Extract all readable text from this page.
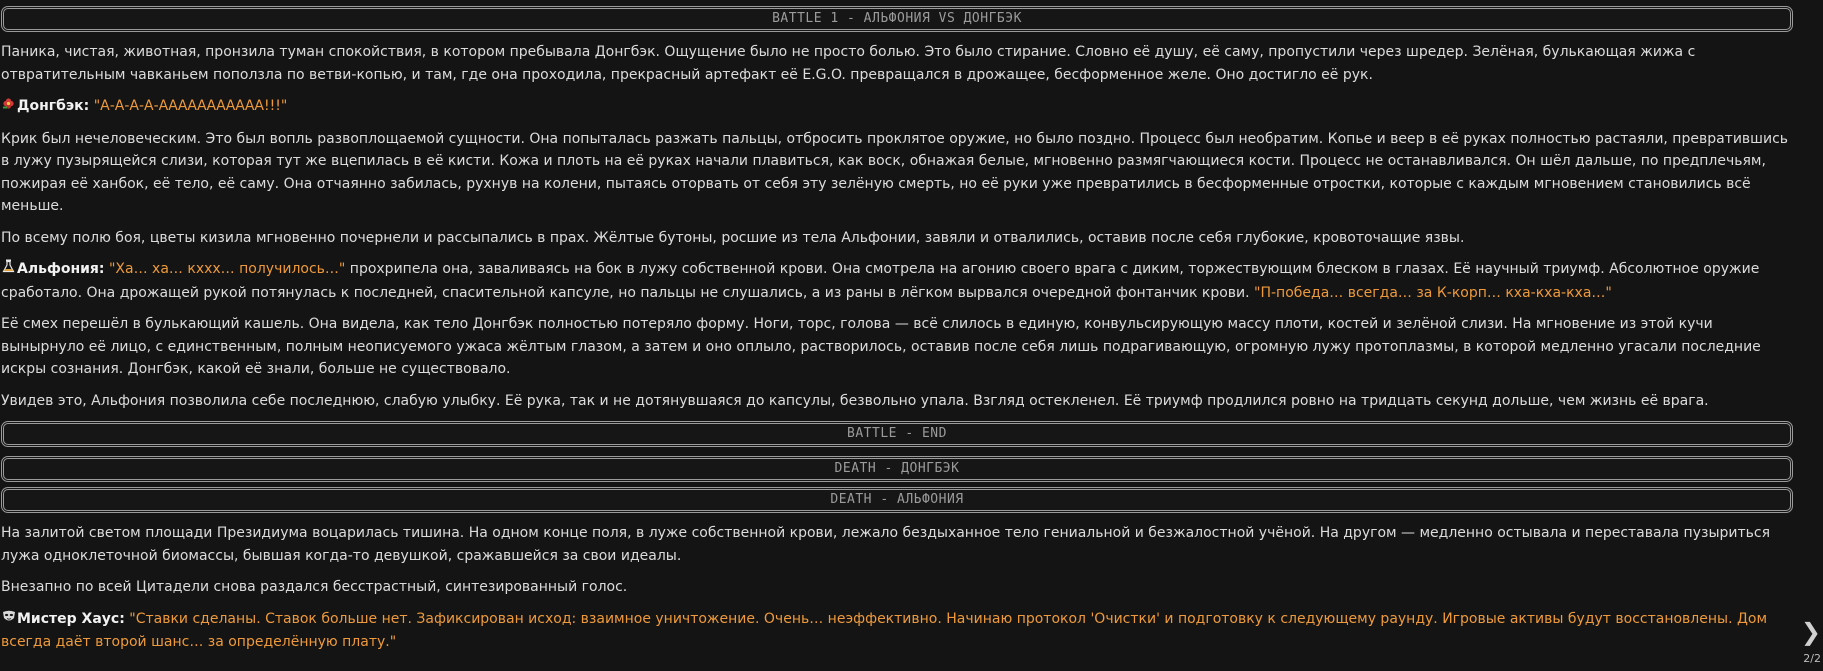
BATTLE 1 - АЛЬФОНИЯ VS ДОНГБЭК

Паника, чистая, животная, пронзила туман спокойствия, в котором пребывала Донгбэк. Ощущение было не просто болью. Это было стирание. Словно её душу, её саму, пропустили через шредер. Зелёная, булькающая жижа с отвратительным чавканьем поползла по ветви-копью, и там, где она проходила, прекрасный артефакт её E.G.O. превращался в дрожащее, бесформенное желе. Оно достигло её рук.

Донгбэк: "А-А-А-А-ААААААААААА!!!"

Крик был нечеловеческим. Это был вопль развоплощаемой сущности. Она попыталась разжать пальцы, отбросить проклятое оружие, но было поздно. Процесс был необратим. Копье и веер в её руках полностью растаяли, превратившись в лужу пузырящейся слизи, которая тут же вцепилась в её кисти. Кожа и плоть на её руках начали плавиться, как воск, обнажая белые, мгновенно размягчающиеся кости. Процесс не останавливался. Он шёл дальше, по предплечьям, пожирая её ханбок, её тело, её саму. Она отчаянно забилась, рухнув на колени, пытаясь оторвать от себя эту зелёную смерть, но её руки уже превратились в бесформенные отростки, которые с каждым мгновением становились всё меньше.

По всему полю боя, цветы кизила мгновенно почернели и рассыпались в прах. Жёлтые бутоны, росшие из тела Альфонии, завяли и отвалились, оставив после себя глубокие, кровоточащие язвы.

Альфония: "Ха… ха… кххх… получилось…" прохрипела она, заваливаясь на бок в лужу собственной крови. Она смотрела на агонию своего врага с диким, торжествующим блеском в глазах. Её научный триумф. Абсолютное оружие сработало. Она дрожащей рукой потянулась к последней, спасительной капсуле, но пальцы не слушались, а из раны в лёгком вырвался очередной фонтанчик крови. "П-победа… всегда… за К-корп… кха-кха-кха…"

Её смех перешёл в булькающий кашель. Она видела, как тело Донгбэк полностью потеряло форму. Ноги, торс, голова — всё слилось в единую, конвульсирующую массу плоти, костей и зелёной слизи. На мгновение из этой кучи вынырнуло её лицо, с единственным, полным неописуемого ужаса жёлтым глазом, а затем и оно оплыло, растворилось, оставив после себя лишь подрагивающую, огромную лужу протоплазмы, в которой медленно угасали последние искры сознания. Донгбэк, какой её знали, больше не существовало.

Увидев это, Альфония позволила себе последнюю, слабую улыбку. Её рука, так и не дотянувшаяся до капсулы, безвольно упала. Взгляд остекленел. Её триумф продлился ровно на тридцать секунд дольше, чем жизнь её врага.

BATTLE - END
DEATH - ДОНГБЭК
DEATH - АЛЬФОНИЯ

На залитой светом площади Президиума воцарилась тишина. На одном конце поля, в луже собственной крови, лежало бездыханное тело гениальной и безжалостной учёной. На другом — медленно остывала и переставала пузыриться лужа одноклеточной биомассы, бывшая когда-то девушкой, сражавшейся за свои идеалы.

Внезапно по всей Цитадели снова раздался бесстрастный, синтезированный голос.

Мистер Хаус: "Ставки сделаны. Ставок больше нет. Зафиксирован исход: взаимное уничтожение. Очень… неэффективно. Начинаю протокол 'Очистки' и подготовку к следующему раунду. Игровые активы будут восстановлены. Дом всегда даёт второй шанс… за определённую плату."	❯
2/2
